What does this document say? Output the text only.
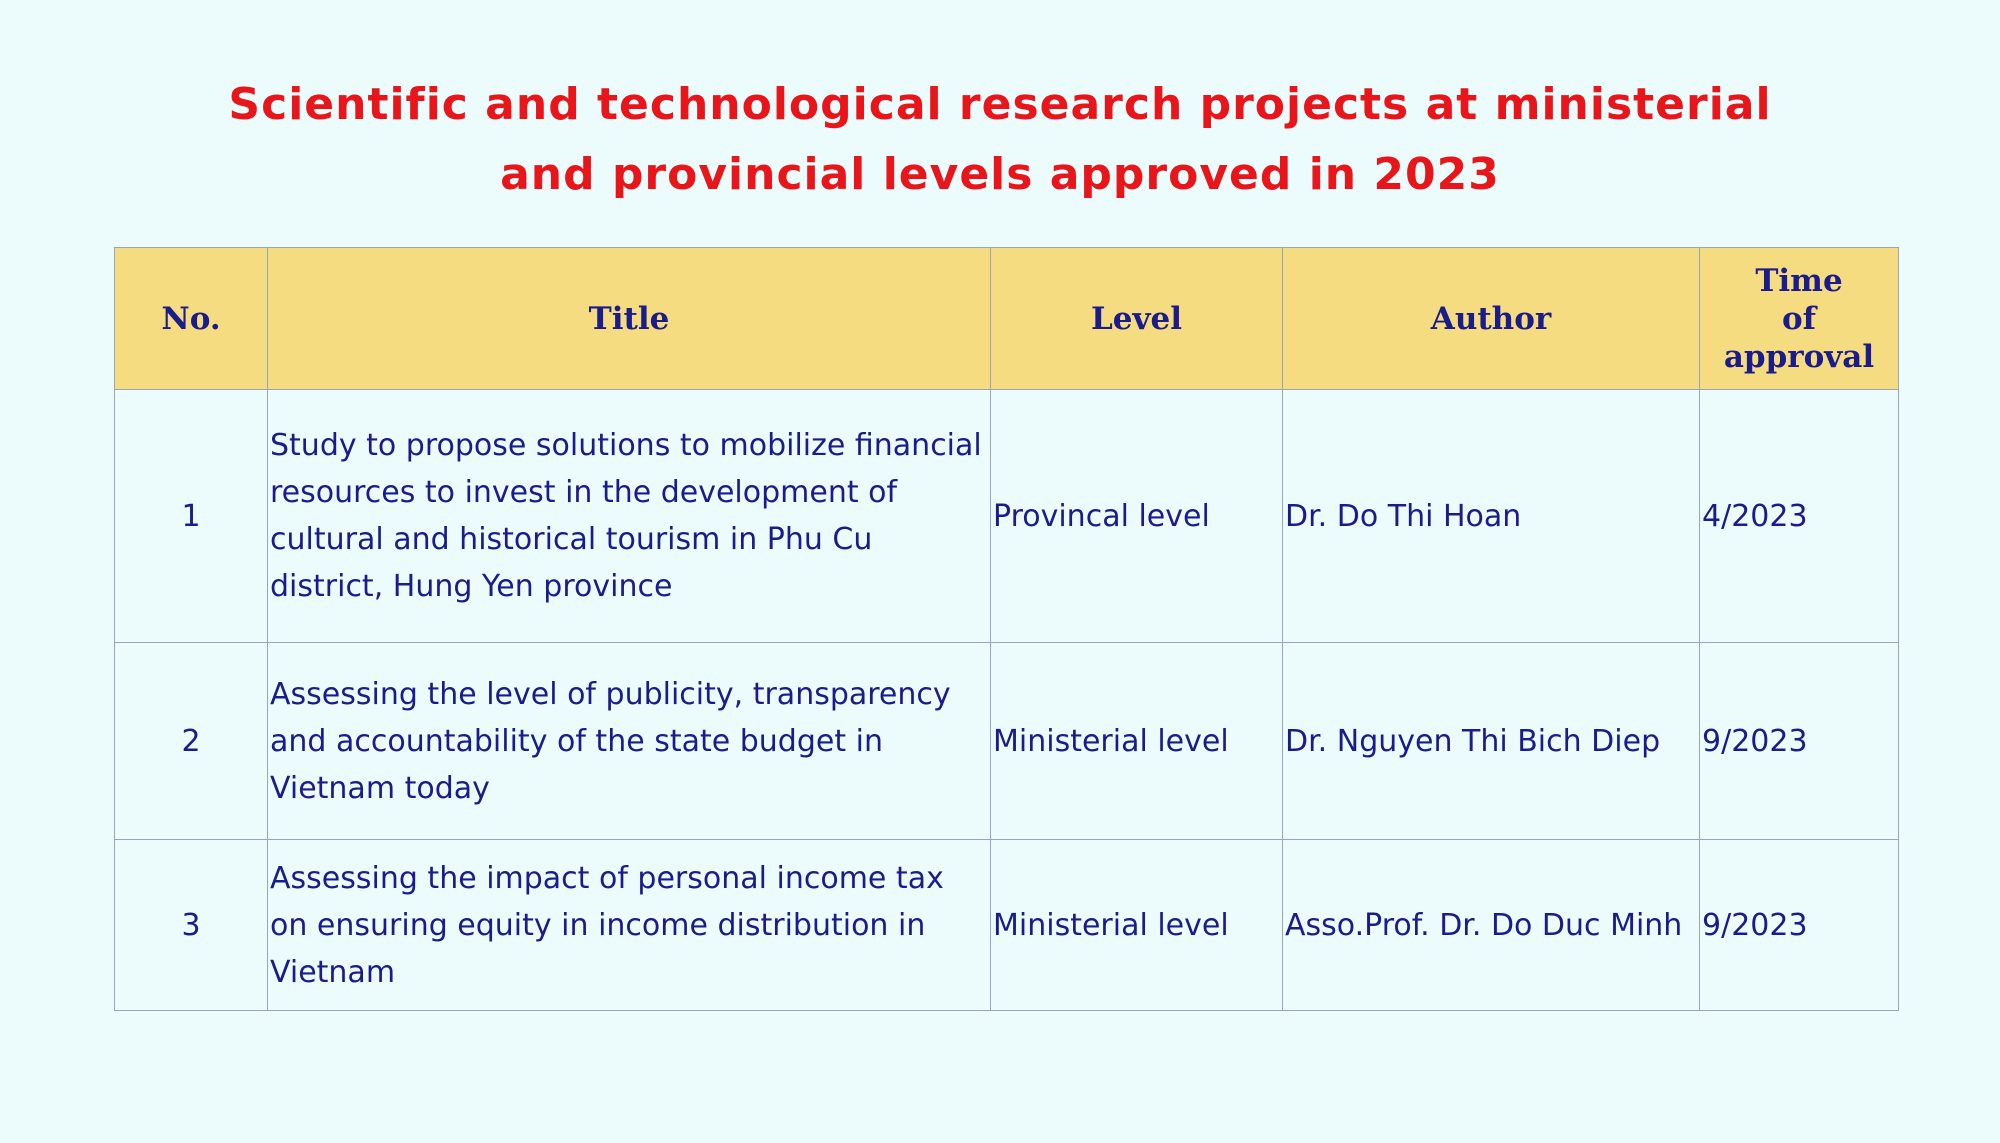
Scientific and technological research projects at ministerial
and provincial levels approved in 2023
No.	Title	Level	Author	Time
of
approval

1	Study to propose solutions to mobilize financial resources to invest in the development of cultural and historical tourism in Phu Cu district, Hung Yen province	Provincal level	Dr. Do Thi Hoan	4/2023
2	Assessing the level of publicity, transparency and accountability of the state budget in Vietnam today	Ministerial level	Dr. Nguyen Thi Bich Diep	9/2023
3	Assessing the impact of personal income tax on ensuring equity in income distribution in Vietnam	Ministerial level	Asso.Prof. Dr. Do Duc Minh	9/2023
